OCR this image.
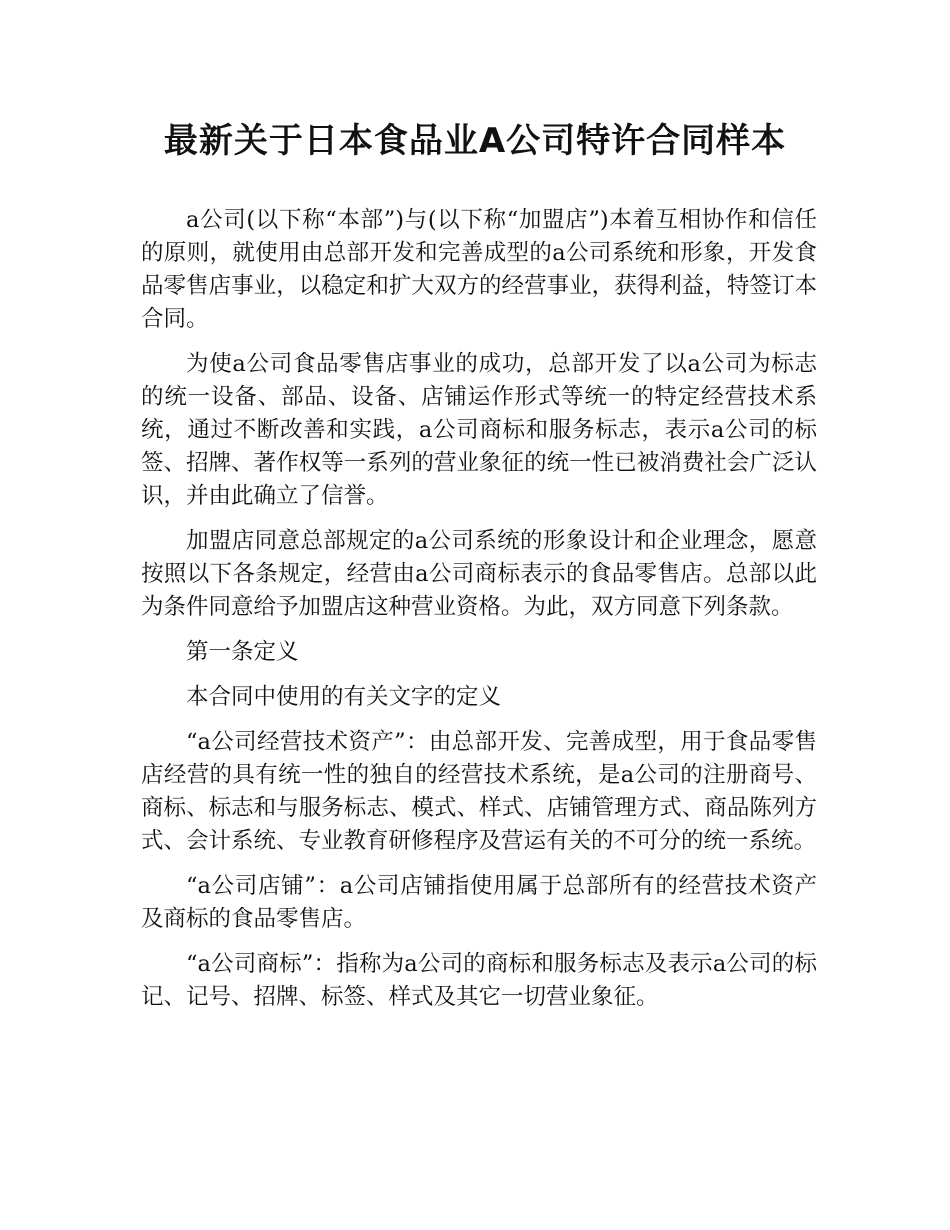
最新关于日本食品业A公司特许合同样本

a公司(以下称“本部”)与(以下称“加盟店”)本着互相协作和信任的原则，就使用由总部开发和完善成型的a公司系统和形象，开发食品零售店事业，以稳定和扩大双方的经营事业，获得利益，特签订本合同。

为使a公司食品零售店事业的成功，总部开发了以a公司为标志的统一设备、部品、设备、店铺运作形式等统一的特定经营技术系统，通过不断改善和实践，a公司商标和服务标志，表示a公司的标签、招牌、著作权等一系列的营业象征的统一性已被消费社会广泛认识，并由此确立了信誉。

加盟店同意总部规定的a公司系统的形象设计和企业理念，愿意按照以下各条规定，经营由a公司商标表示的食品零售店。总部以此为条件同意给予加盟店这种营业资格。为此，双方同意下列条款。

第一条定义

本合同中使用的有关文字的定义

“a公司经营技术资产”：由总部开发、完善成型，用于食品零售店经营的具有统一性的独自的经营技术系统，是a公司的注册商号、商标、标志和与服务标志、模式、样式、店铺管理方式、商品陈列方式、会计系统、专业教育研修程序及营运有关的不可分的统一系统。

“a公司店铺”：a公司店铺指使用属于总部所有的经营技术资产及商标的食品零售店。

“a公司商标”：指称为a公司的商标和服务标志及表示a公司的标记、记号、招牌、标签、样式及其它一切营业象征。
